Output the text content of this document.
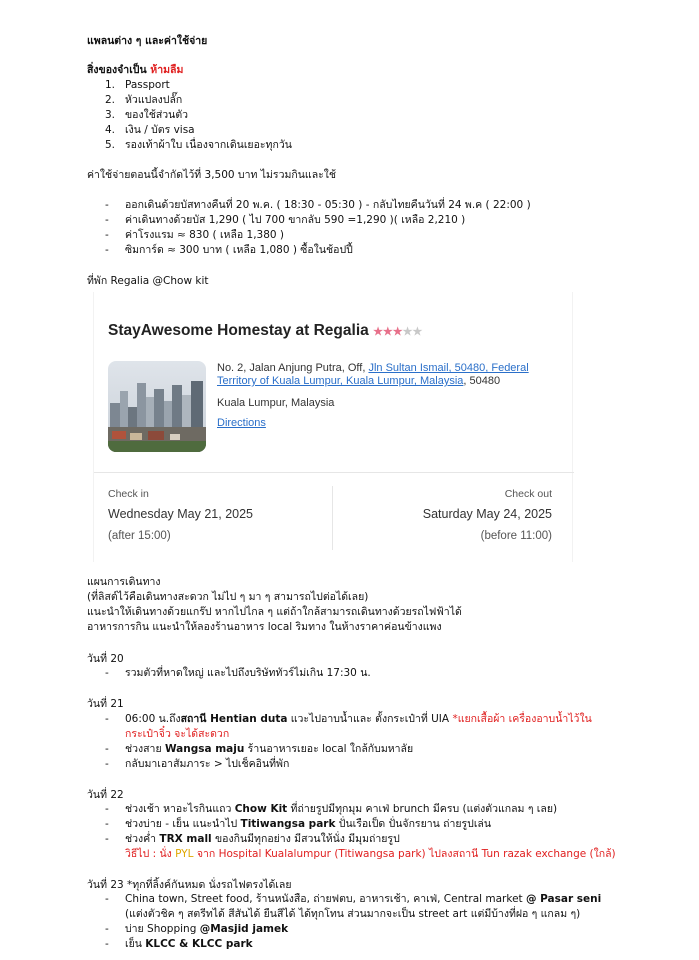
แพลนต่าง ๆ และค่าใช้จ่าย
สิ่งของจำเป็น ห้ามลืม
1. Passport
2. หัวแปลงปลั๊ก
3. ของใช้ส่วนตัว
4. เงิน / บัตร visa
5. รองเท้าผ้าใบ เนื่องจากเดินเยอะทุกวัน
ค่าใช้จ่ายตอนนี้จำกัดไว้ที่ 3,500 บาท ไม่รวมกินและใช้
- ออกเดินด้วยบัสทางคืนที่ 20 พ.ค. ( 18:30 - 05:30 ) - กลับไทยคืนวันที่ 24 พ.ค ( 22:00 )
- ค่าเดินทางด้วยบัส 1,290 ( ไป 700 ขากลับ 590 =1,290 )( เหลือ 2,210 )
- ค่าโรงแรม ≈ 830 ( เหลือ 1,380 )
- ซิมการ์ด ≈ 300 บาท ( เหลือ 1,080 ) ซื้อในช้อปปี้
ที่พัก Regalia @Chow kit
StayAwesome Homestay at Regalia ★★★★★
No. 2, Jalan Anjung Putra, Off, Jln Sultan Ismail, 50480, Federal Territory of Kuala Lumpur, Kuala Lumpur, Malaysia, 50480
Kuala Lumpur, Malaysia
Directions
Check in
Wednesday May 21, 2025
(after 15:00)
Check out
Saturday May 24, 2025
(before 11:00)
แผนการเดินทาง
(ที่ลิสต์ไว้คือเดินทางสะดวก ไม่ไป ๆ มา ๆ สามารถไปต่อได้เลย)
แนะนำให้เดินทางด้วยแกร๊ป หากไปไกล ๆ แต่ถ้าใกล้สามารถเดินทางด้วยรถไฟฟ้าได้
อาหารการกิน แนะนำให้ลองร้านอาหาร local ริมทาง ในห้างราคาค่อนข้างแพง
วันที่ 20
- รวมตัวที่หาดใหญ่ และไปถึงบริษัททัวร์ไม่เกิน 17:30 น.
วันที่ 21
- 06:00 น.ถึงสถานี Hentian duta แวะไปอาบน้ำและ ตั้งกระเป๋าที่ UIA *แยกเสื้อผ้า เครื่องอาบน้ำไว้ใน
กระเป๋าจิ๋ว จะได้สะดวก
- ช่วงสาย Wangsa maju ร้านอาหารเยอะ local ใกล้กับมหาลัย
- กลับมาเอาสัมภาระ > ไปเช็คอินที่พัก
วันที่ 22
- ช่วงเช้า หาอะไรกินแถว Chow Kit ที่ถ่ายรูปมีทุกมุม คาเฟ่ brunch มีครบ (แต่งตัวแกลม ๆ เลย)
- ช่วงบ่าย - เย็น แนะนำไป Titiwangsa park ปั่นเรือเป็ด ปั่นจักรยาน ถ่ายรูปเล่น
- ช่วงค่ำ TRX mall ของกินมีทุกอย่าง มีสวนให้นั่ง มีมุมถ่ายรูป
วิธีไป : นั่ง PYL จาก Hospital Kualalumpur (Titiwangsa park) ไปลงสถานี Tun razak exchange (ใกล้)
วันที่ 23 *ทุกที่ลิ้งค์กันหมด นั่งรถไฟตรงได้เลย
- China town, Street food, ร้านหนังสือ, ถ่ายฟตบ, อาหารเช้า, คาเฟ่, Central market @ Pasar seni
(แต่งตัวชิค ๆ สตรีทได้ สีสันได้ ยืนสีได้ ได้ทุกโทน ส่วนมากจะเป็น street art แต่มีบ้างที่ฝอ ๆ แกลม ๆ)
- บ่าย Shopping @Masjid jamek
- เย็น KLCC & KLCC park
